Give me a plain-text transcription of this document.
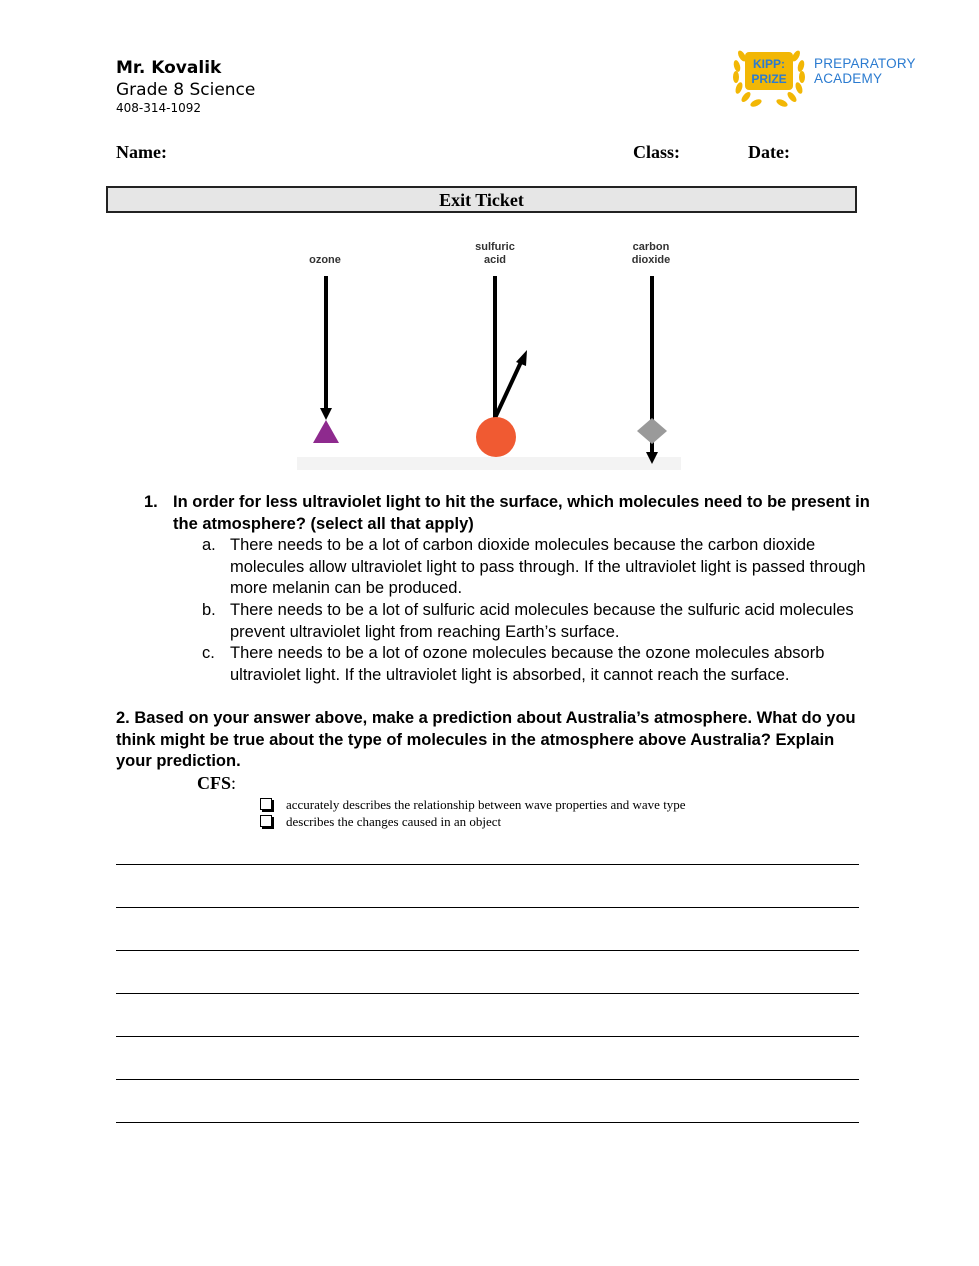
Mr. Kovalik
Grade 8 Science
408-314-1092
KIPP:
PRIZE
PREPARATORY
ACADEMY
Name:	Class:	Date:
Exit Ticket
ozone
sulfuric
acid
carbon
dioxide
1. In order for less ultraviolet light to hit the surface, which molecules need to be present in the atmosphere? (select all that apply)
a. There needs to be a lot of carbon dioxide molecules because the carbon dioxide molecules allow ultraviolet light to pass through. If the ultraviolet light is passed through more melanin can be produced.
b. There needs to be a lot of sulfuric acid molecules because the sulfuric acid molecules prevent ultraviolet light from reaching Earth’s surface.
c. There needs to be a lot of ozone molecules because the ozone molecules absorb ultraviolet light. If the ultraviolet light is absorbed, it cannot reach the surface.
2. Based on your answer above, make a prediction about Australia’s atmosphere. What do you think might be true about the type of molecules in the atmosphere above Australia? Explain your prediction.
CFS:
accurately describes the relationship between wave properties and wave type
describes the changes caused in an object
